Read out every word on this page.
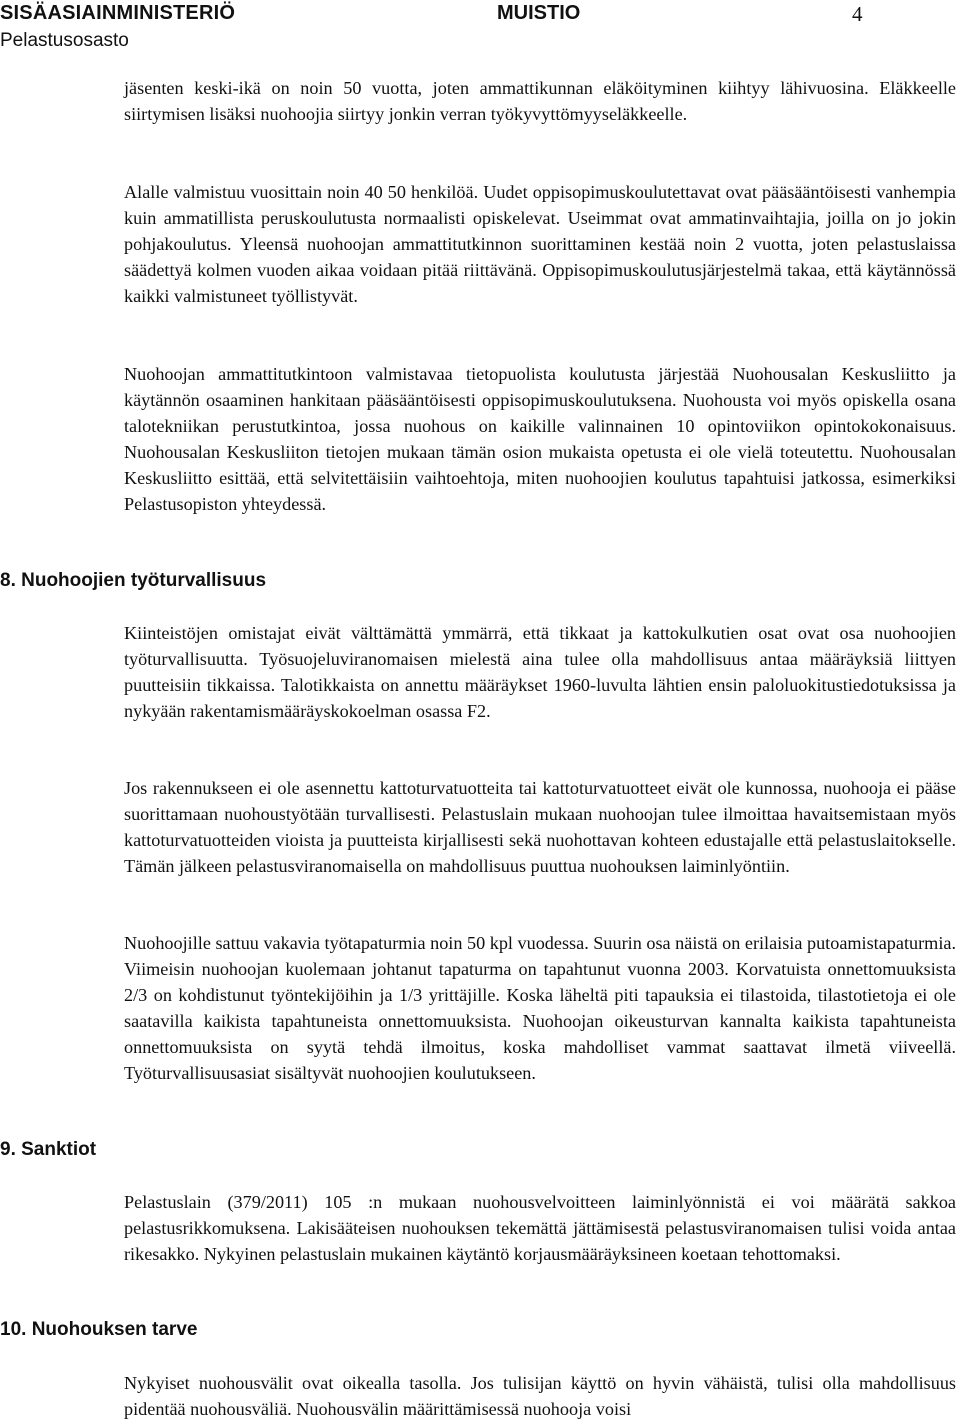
SISÄASIAINMINISTERIÖ
Pelastusosasto
MUISTIO	4

jäsenten keski-ikä on noin 50 vuotta, joten ammattikunnan eläköityminen kiihtyy lähivuosina. Eläkkeelle siirtymisen lisäksi nuohoojia siirtyy jonkin verran työkyvyttömyyseläkkeelle.

Alalle valmistuu vuosittain noin 40 50 henkilöä. Uudet oppisopimuskoulutettavat ovat pääsääntöisesti vanhempia kuin ammatillista peruskoulutusta normaalisti opiskelevat. Useimmat ovat ammatinvaihtajia, joilla on jo jokin pohjakoulutus. Yleensä nuohoojan ammattitutkinnon suorittaminen kestää noin 2 vuotta, joten pelastuslaissa säädettyä kolmen vuoden aikaa voidaan pitää riittävänä. Oppisopimuskoulutusjärjestelmä takaa, että käytännössä kaikki valmistuneet työllistyvät.

Nuohoojan ammattitutkintoon valmistavaa tietopuolista koulutusta järjestää Nuohousalan Keskusliitto ja käytännön osaaminen hankitaan pääsääntöisesti oppisopimuskoulutuksena. Nuohousta voi myös opiskella osana talotekniikan perustutkintoa, jossa nuohous on kaikille valinnainen 10 opintoviikon opintokokonaisuus. Nuohousalan Keskusliiton tietojen mukaan tämän osion mukaista opetusta ei ole vielä toteutettu. Nuohousalan Keskusliitto esittää, että selvitettäisiin vaihtoehtoja, miten nuohoojien koulutus tapahtuisi jatkossa, esimerkiksi Pelastusopiston yhteydessä.

8. Nuohoojien työturvallisuus

Kiinteistöjen omistajat eivät välttämättä ymmärrä, että tikkaat ja kattokulkutien osat ovat osa nuohoojien työturvallisuutta. Työsuojeluviranomaisen mielestä aina tulee olla mahdollisuus antaa määräyksiä liittyen puutteisiin tikkaissa. Talotikkaista on annettu määräykset 1960-luvulta lähtien ensin paloluokitustiedotuksissa ja nykyään rakentamismääräyskokoelman osassa F2.

Jos rakennukseen ei ole asennettu kattoturvatuotteita tai kattoturvatuotteet eivät ole kunnossa, nuohooja ei pääse suorittamaan nuohoustyötään turvallisesti. Pelastuslain mukaan nuohoojan tulee ilmoittaa havaitsemistaan myös kattoturvatuotteiden vioista ja puutteista kirjallisesti sekä nuohottavan kohteen edustajalle että pelastuslaitokselle. Tämän jälkeen pelastusviranomaisella on mahdollisuus puuttua nuohouksen laiminlyöntiin.

Nuohoojille sattuu vakavia työtapaturmia noin 50 kpl vuodessa. Suurin osa näistä on erilaisia putoamistapaturmia. Viimeisin nuohoojan kuolemaan johtanut tapaturma on tapahtunut vuonna 2003. Korvatuista onnettomuuksista 2/3 on kohdistunut työntekijöihin ja 1/3 yrittäjille. Koska läheltä piti tapauksia ei tilastoida, tilastotietoja ei ole saatavilla kaikista tapahtuneista onnettomuuksista. Nuohoojan oikeusturvan kannalta kaikista tapahtuneista onnettomuuksista on syytä tehdä ilmoitus, koska mahdolliset vammat saattavat ilmetä viiveellä. Työturvallisuusasiat sisältyvät nuohoojien koulutukseen.

9. Sanktiot

Pelastuslain (379/2011) 105 :n mukaan nuohousvelvoitteen laiminlyönnistä ei voi määrätä sakkoa pelastusrikkomuksena. Lakisääteisen nuohouksen tekemättä jättämisestä pelastusviranomaisen tulisi voida antaa rikesakko. Nykyinen pelastuslain mukainen käytäntö korjausmääräyksineen koetaan tehottomaksi.

10. Nuohouksen tarve

Nykyiset nuohousvälit ovat oikealla tasolla. Jos tulisijan käyttö on hyvin vähäistä, tulisi olla mahdollisuus pidentää nuohousväliä. Nuohousvälin määrittämisessä nuohooja voisi
